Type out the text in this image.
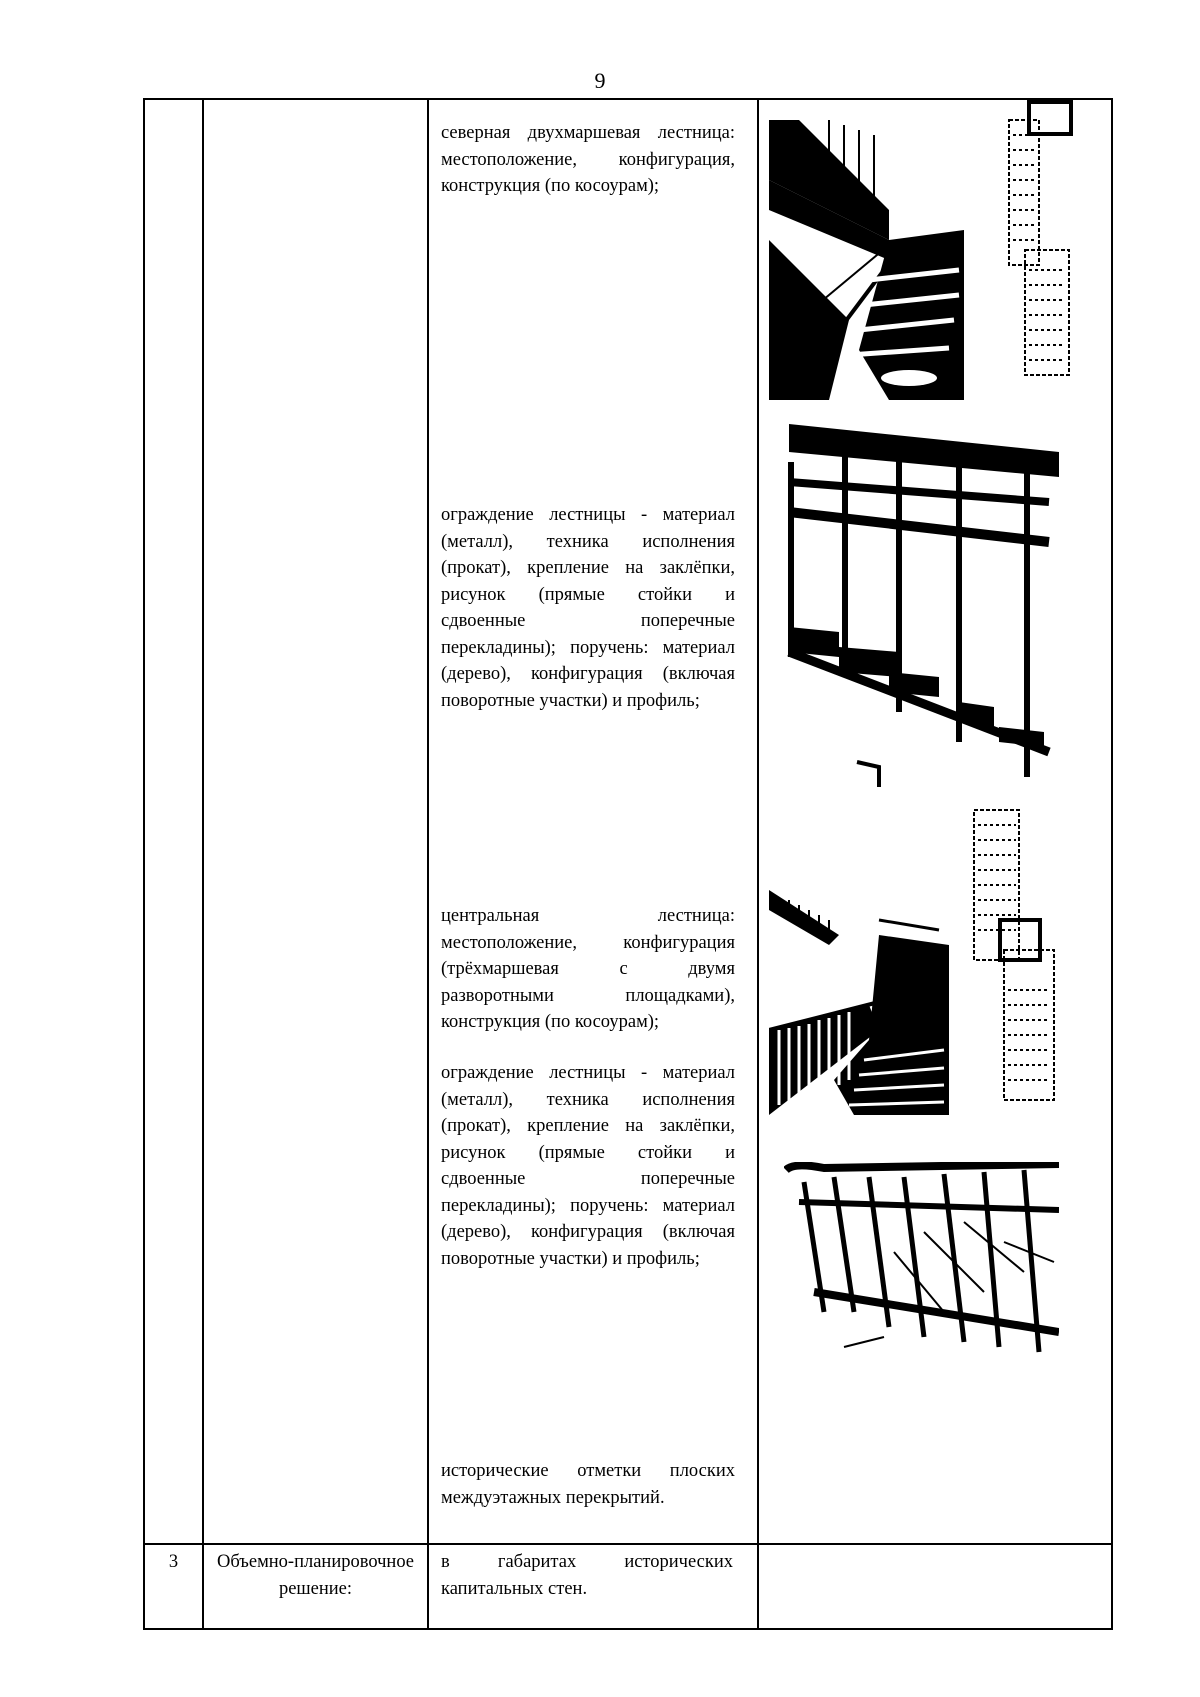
9

		северная двухмаршевая лестница: местоположение, конфигурация, конструкция (по косоурам);
ограждение лестницы - материал (металл), техника исполнения (прокат), крепление на заклёпки, рисунок (прямые стойки и сдвоенные поперечные перекладины); поручень: материал (дерево), конфигурация (включая поворотные участки) и профиль;
центральная лестница: местоположение, конфигурация (трёхмаршевая с двумя разворотными площадками), конструкция (по косоурам);
ограждение лестницы - материал (металл), техника исполнения (прокат), крепление на заклёпки, рисунок (прямые стойки и сдвоенные поперечные перекладины); поручень: материал (дерево), конфигурация (включая поворотные участки) и профиль;
исторические отметки плоских междуэтажных перекрытий.

3	Объемно-планировочное решение:	в габаритах исторических капитальных стен.	
